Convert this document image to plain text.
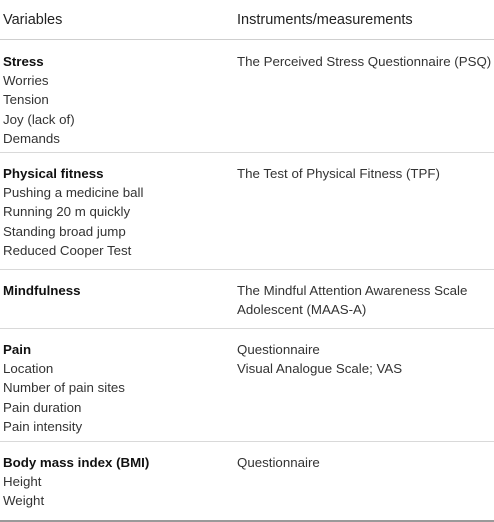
Variables	Instruments/measurements
Stress
Worries
Tension
Joy (lack of)
Demands
The Perceived Stress Questionnaire (PSQ)
Physical fitness
Pushing a medicine ball
Running 20 m quickly
Standing broad jump
Reduced Cooper Test
The Test of Physical Fitness (TPF)
Mindfulness	The Mindful Attention Awareness Scale
Adolescent (MAAS-A)
Pain
Location
Number of pain sites
Pain duration
Pain intensity
Questionnaire
Visual Analogue Scale; VAS
Body mass index (BMI)
Height
Weight
Questionnaire
